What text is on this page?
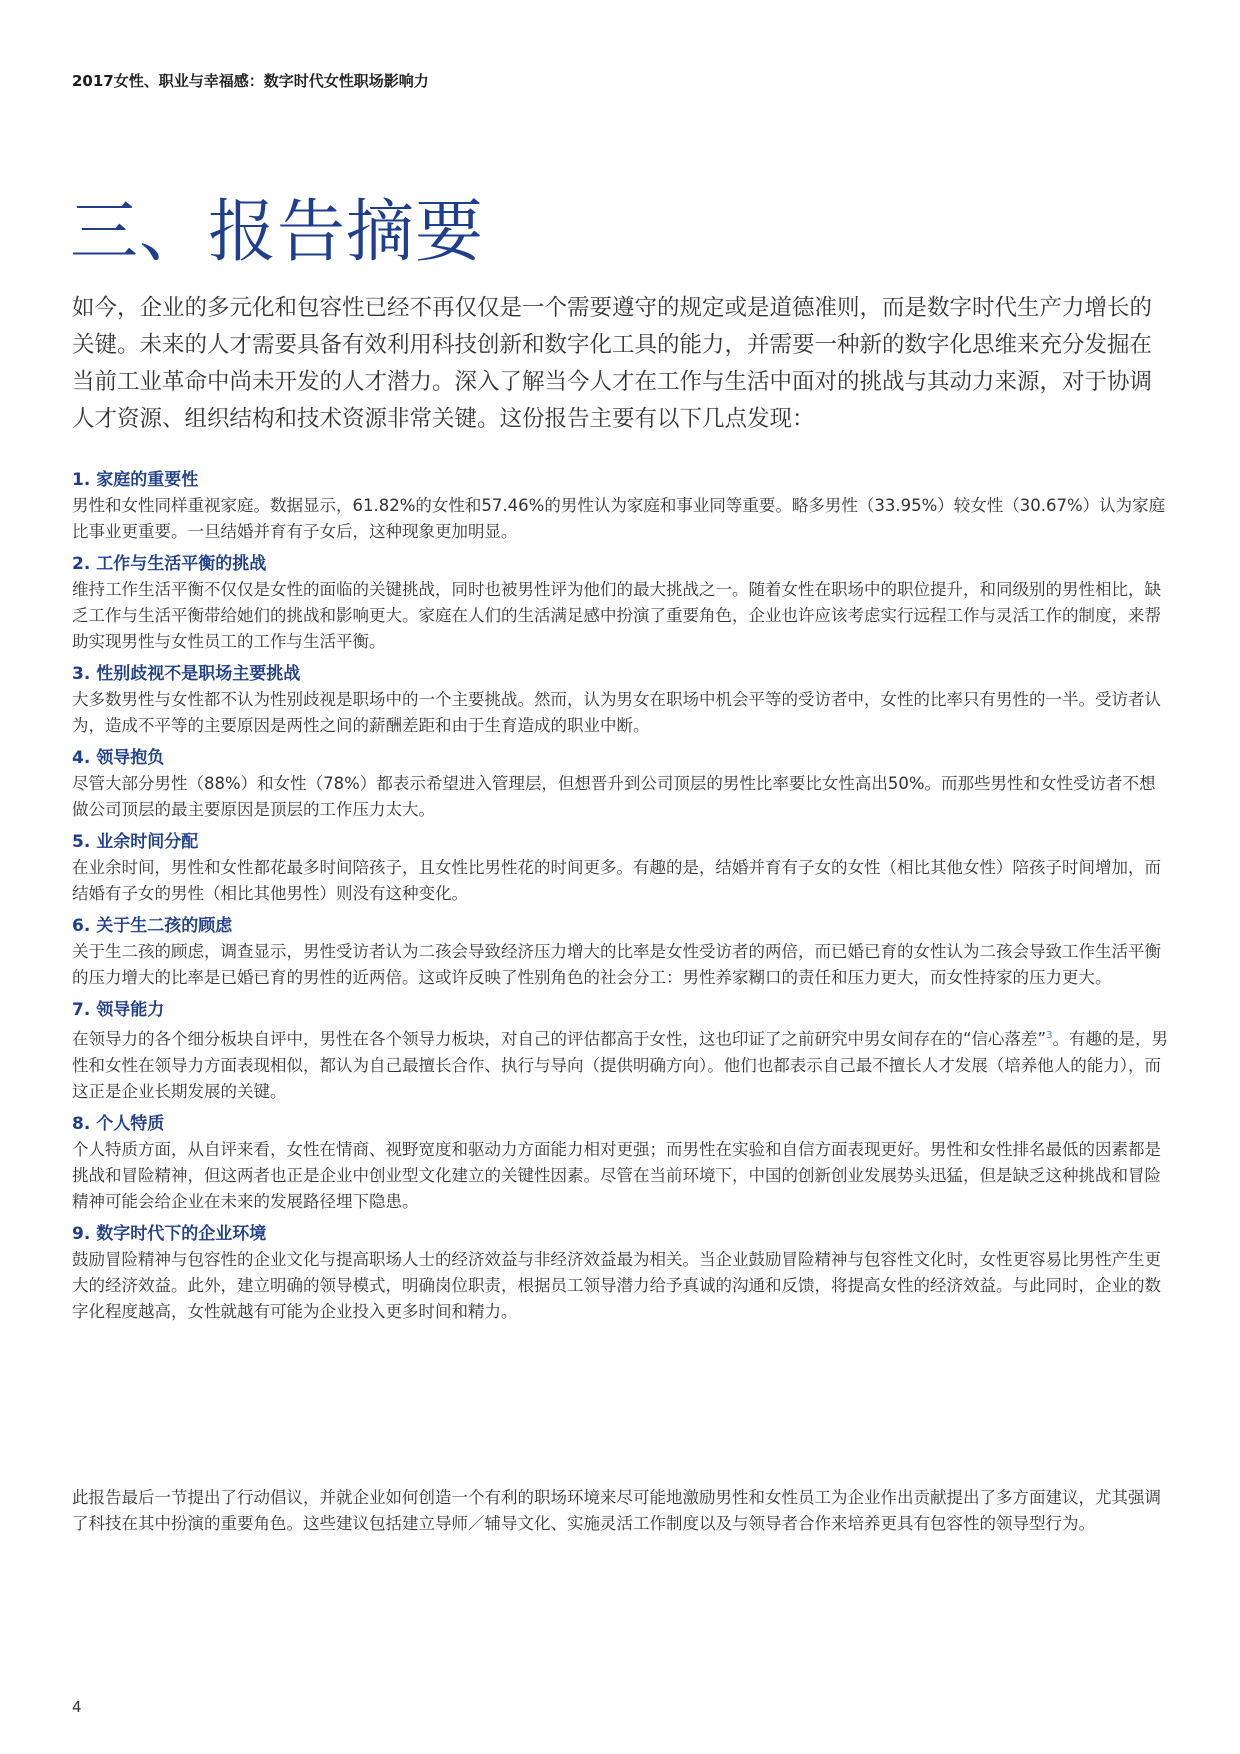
2017女性、职业与幸福感：数字时代女性职场影响力
三、报告摘要

如今，企业的多元化和包容性已经不再仅仅是一个需要遵守的规定或是道德准则，而是数字时代生产力增长的关键。未来的人才需要具备有效利用科技创新和数字化工具的能力，并需要一种新的数字化思维来充分发掘在当前工业革命中尚未开发的人才潜力。深入了解当今人才在工作与生活中面对的挑战与其动力来源，对于协调人才资源、组织结构和技术资源非常关键。这份报告主要有以下几点发现：

1. 家庭的重要性

男性和女性同样重视家庭。数据显示，61.82%的女性和57.46%的男性认为家庭和事业同等重要。略多男性（33.95%）较女性（30.67%）认为家庭比事业更重要。一旦结婚并育有子女后，这种现象更加明显。

2. 工作与生活平衡的挑战

维持工作生活平衡不仅仅是女性的面临的关键挑战，同时也被男性评为他们的最大挑战之一。随着女性在职场中的职位提升，和同级别的男性相比，缺乏工作与生活平衡带给她们的挑战和影响更大。家庭在人们的生活满足感中扮演了重要角色，企业也许应该考虑实行远程工作与灵活工作的制度，来帮助实现男性与女性员工的工作与生活平衡。

3. 性别歧视不是职场主要挑战

大多数男性与女性都不认为性别歧视是职场中的一个主要挑战。然而，认为男女在职场中机会平等的受访者中，女性的比率只有男性的一半。受访者认为，造成不平等的主要原因是两性之间的薪酬差距和由于生育造成的职业中断。

4. 领导抱负

尽管大部分男性（88%）和女性（78%）都表示希望进入管理层，但想晋升到公司顶层的男性比率要比女性高出50%。而那些男性和女性受访者不想做公司顶层的最主要原因是顶层的工作压力太大。

5. 业余时间分配

在业余时间，男性和女性都花最多时间陪孩子，且女性比男性花的时间更多。有趣的是，结婚并育有子女的女性（相比其他女性）陪孩子时间增加，而结婚有子女的男性（相比其他男性）则没有这种变化。

6. 关于生二孩的顾虑

关于生二孩的顾虑，调查显示，男性受访者认为二孩会导致经济压力增大的比率是女性受访者的两倍，而已婚已育的女性认为二孩会导致工作生活平衡的压力增大的比率是已婚已育的男性的近两倍。这或许反映了性别角色的社会分工：男性养家糊口的责任和压力更大，而女性持家的压力更大。

7. 领导能力

在领导力的各个细分板块自评中，男性在各个领导力板块，对自己的评估都高于女性，这也印证了之前研究中男女间存在的“信心落差”$^3$。有趣的是，男性和女性在领导力方面表现相似，都认为自己最擅长合作、执行与导向（提供明确方向）。他们也都表示自己最不擅长人才发展（培养他人的能力），而这正是企业长期发展的关键。

8. 个人特质

个人特质方面，从自评来看，女性在情商、视野宽度和驱动力方面能力相对更强；而男性在实验和自信方面表现更好。男性和女性排名最低的因素都是挑战和冒险精神，但这两者也正是企业中创业型文化建立的关键性因素。尽管在当前环境下，中国的创新创业发展势头迅猛，但是缺乏这种挑战和冒险精神可能会给企业在未来的发展路径埋下隐患。

9. 数字时代下的企业环境

鼓励冒险精神与包容性的企业文化与提高职场人士的经济效益与非经济效益最为相关。当企业鼓励冒险精神与包容性文化时，女性更容易比男性产生更大的经济效益。此外，建立明确的领导模式，明确岗位职责，根据员工领导潜力给予真诚的沟通和反馈，将提高女性的经济效益。与此同时，企业的数字化程度越高，女性就越有可能为企业投入更多时间和精力。

此报告最后一节提出了行动倡议，并就企业如何创造一个有利的职场环境来尽可能地激励男性和女性员工为企业作出贡献提出了多方面建议，尤其强调了科技在其中扮演的重要角色。这些建议包括建立导师／辅导文化、实施灵活工作制度以及与领导者合作来培养更具有包容性的领导型行为。

4
